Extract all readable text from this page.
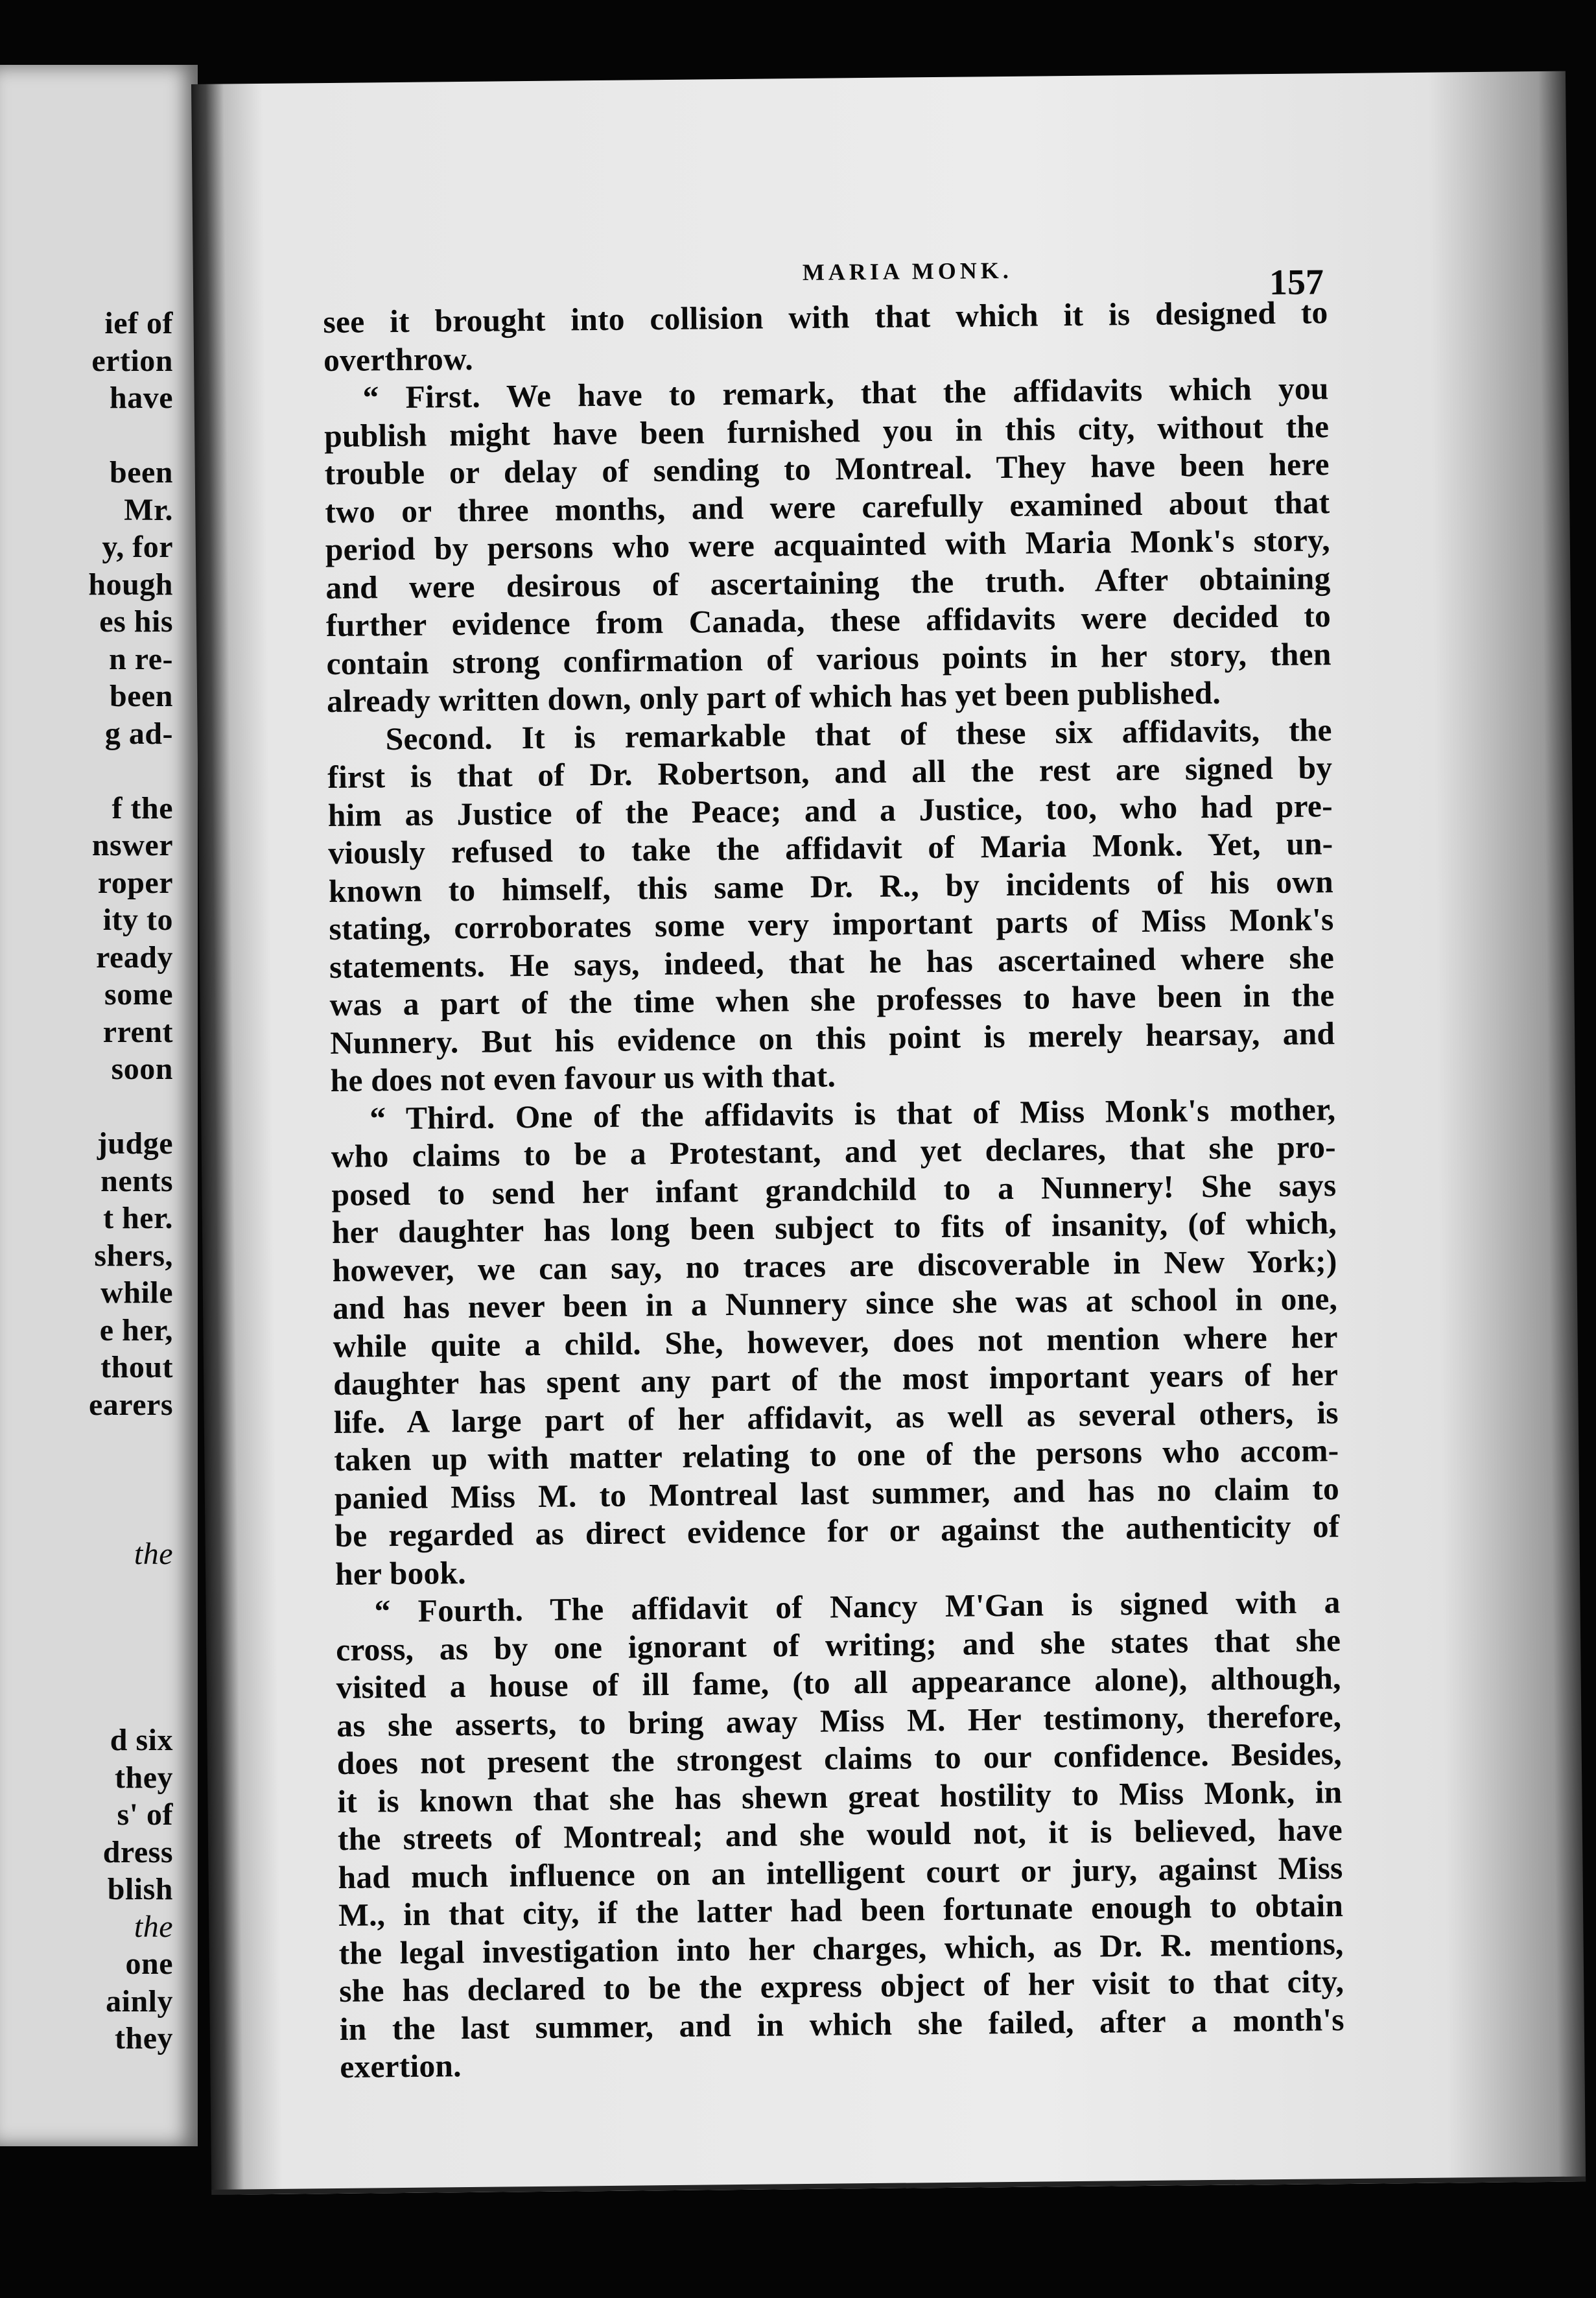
ief of
ertion
have
been
Mr.
y, for
hough
es his
n re-
been
g ad-
f the
nswer
roper
ity to
ready
some
rrent
soon
judge
nents
t her.
shers,
while
e her,
thout
earers
the
d six
they
s' of
dress
blish
the
one
ainly
they
MARIA MONK.	157
see it brought into collision with that which it is designed to
overthrow.
“ First. We have to remark, that the affidavits which you
publish might have been furnished you in this city, without the
trouble or delay of sending to Montreal. They have been here
two or three months, and were carefully examined about that
period by persons who were acquainted with Maria Monk's story,
and were desirous of ascertaining the truth. After obtaining
further evidence from Canada, these affidavits were decided to
contain strong confirmation of various points in her story, then
already written down, only part of which has yet been published.
Second. It is remarkable that of these six affidavits, the
first is that of Dr. Robertson, and all the rest are signed by
him as Justice of the Peace; and a Justice, too, who had pre-
viously refused to take the affidavit of Maria Monk. Yet, un-
known to himself, this same Dr. R., by incidents of his own
stating, corroborates some very important parts of Miss Monk's
statements. He says, indeed, that he has ascertained where she
was a part of the time when she professes to have been in the
Nunnery. But his evidence on this point is merely hearsay, and
he does not even favour us with that.
“ Third. One of the affidavits is that of Miss Monk's mother,
who claims to be a Protestant, and yet declares, that she pro-
posed to send her infant grandchild to a Nunnery! She says
her daughter has long been subject to fits of insanity, (of which,
however, we can say, no traces are discoverable in New York;)
and has never been in a Nunnery since she was at school in one,
while quite a child. She, however, does not mention where her
daughter has spent any part of the most important years of her
life. A large part of her affidavit, as well as several others, is
taken up with matter relating to one of the persons who accom-
panied Miss M. to Montreal last summer, and has no claim to
be regarded as direct evidence for or against the authenticity of
her book.
“ Fourth. The affidavit of Nancy M'Gan is signed with a
cross, as by one ignorant of writing; and she states that she
visited a house of ill fame, (to all appearance alone), although,
as she asserts, to bring away Miss M. Her testimony, therefore,
does not present the strongest claims to our confidence. Besides,
it is known that she has shewn great hostility to Miss Monk, in
the streets of Montreal; and she would not, it is believed, have
had much influence on an intelligent court or jury, against Miss
M., in that city, if the latter had been fortunate enough to obtain
the legal investigation into her charges, which, as Dr. R. mentions,
she has declared to be the express object of her visit to that city,
in the last summer, and in which she failed, after a month's
exertion.
